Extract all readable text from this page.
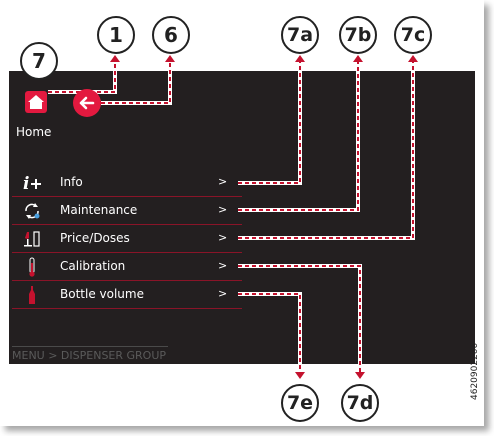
1	6
7
7a	7b	7c
7d
7e
Home
i	Info	>
Maintenance	>
Price/Doses	>
Calibration	>
Bottle volume	>
MENU > DISPENSER GROUP	4620902200
